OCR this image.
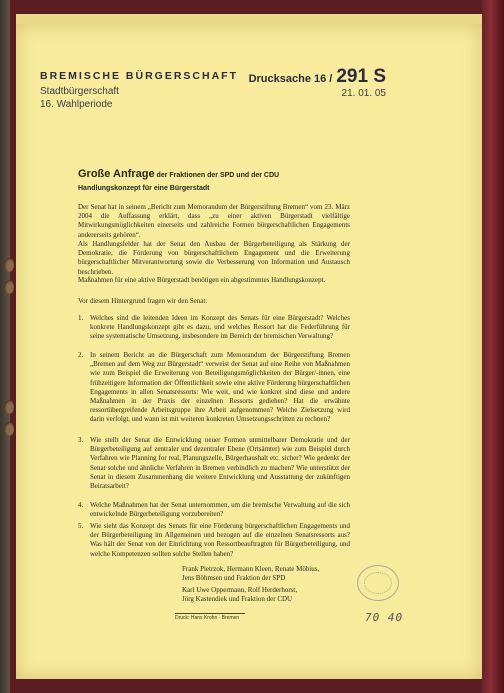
BREMISCHE BÜRGERSCHAFT
Stadtbürgerschaft
16. Wahlperiode
Drucksache 16 / 291 S
21. 01. 05
Große Anfrage der Fraktionen der SPD und der CDU
Handlungskonzept für eine Bürgerstadt

Der Senat hat in seinem „Bericht zum Memorandum der Bürgerstiftung Bremen“ vom 23. März 2004 die Auffassung erklärt, dass „zu einer aktiven Bürgerstadt vielfältige Mitwirkungsmöglichkeiten einerseits und zahlreiche Formen bürgerschaftlichen Engagements andererseits gehören“.

Als Handlungsfelder hat der Senat den Ausbau der Bürgerbeteiligung als Stärkung der Demokratie, die Förderung von bürgerschaftlichem Engagement und die Erweiterung bürgerschaftlicher Mitverantwortung sowie die Verbesserung von Information und Austausch beschrieben.

Maßnahmen für eine aktive Bürgerstadt benötigen ein abgestimmtes Handlungskonzept.

Vor diesem Hintergrund fragen wir den Senat:

1. Welches sind die leitenden Ideen im Konzept des Senats für eine Bürgerstadt? Welches konkrete Handlungskonzept gibt es dazu, und welches Ressort hat die Federführung für seine systematische Umsetzung, insbesondere im Bereich der bremischen Verwaltung?

2. In seinem Bericht an die Bürgerschaft zum Memorandum der Bürgerstiftung Bremen „Bremen auf dem Weg zur Bürgerstadt“ verweist der Senat auf eine Reihe von Maßnahmen wie zum Beispiel die Erweiterung von Beteiligungsmöglichkeiten der Bürger/-innen, eine frühzeitigere Information der Öffentlichkeit sowie eine aktive Förderung bürgerschaftlichen Engagements in allen Senatsressorts: Wie weit, und wie konkret sind diese und andere Maßnahmen in der Praxis der einzelnen Ressorts gediehen? Hat die erwähnte ressortübergreifende Arbeitsgruppe ihre Arbeit aufgenommen? Welche Zielsetzung wird darin verfolgt, und wann ist mit weiteren konkreten Umsetzungsschritten zu rechnen?

3. Wie stellt der Senat die Entwicklung neuer Formen unmittelbarer Demokratie und der Bürgerbeteiligung auf zentraler und dezentraler Ebene (Ortsämter) wie zum Beispiel durch Verfahren wie Planning for real, Planungszelle, Bürgerhaushalt etc. sicher? Wie gedenkt der Senat solche und ähnliche Verfahren in Bremen verbindlich zu machen? Wie unterstützt der Senat in diesem Zusammenhang die weitere Entwicklung und Ausstattung der zukünftigen Beiratsarbeit?

4. Welche Maßnahmen hat der Senat unternommen, um die bremische Verwaltung auf die sich entwickelnde Bürgerbeteiligung vorzubereiten?

5. Wie sieht das Konzept des Senats für eine Förderung bürgerschaftlichen Engagements und der Bürgerbeteiligung im Allgemeinen und bezogen auf die einzelnen Senatsressorts aus? Was hält der Senat von der Einrichtung von Ressortbeauftragten für Bürgerbeteiligung, und welche Kompetenzen sollten solche Stellen haben?

Frank Pietrzok, Hermann Kleen, Renate Möbius,
Jens Böhmsen und Fraktion der SPD
Karl Uwe Oppermann, Rolf Herderhorst,
Jörg Kastendiek und Fraktion der CDU
Druck: Hans Krohn · Bremen	70 40
